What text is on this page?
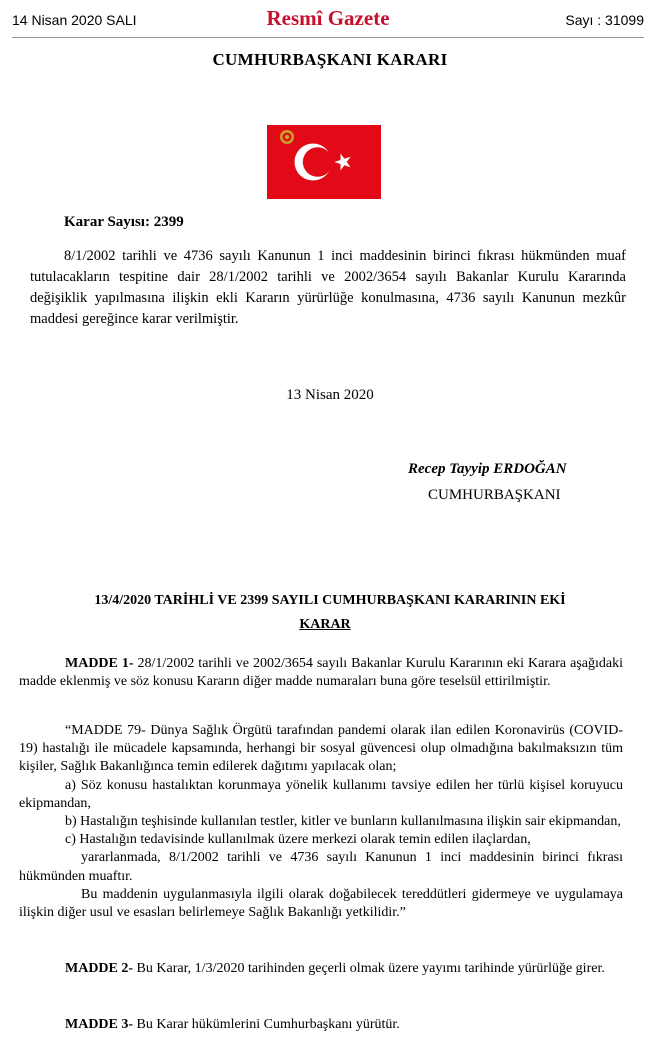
14 Nisan 2020 SALI	Resmî Gazete	Sayı : 31099
CUMHURBAŞKANI KARARI
Karar Sayısı: 2399

8/1/2002 tarihli ve 4736 sayılı Kanunun 1 inci maddesinin birinci fıkrası hükmünden muaf tutulacakların tespitine dair 28/1/2002 tarihli ve 2002/3654 sayılı Bakanlar Kurulu Kararında değişiklik yapılmasına ilişkin ekli Kararın yürürlüğe konulmasına, 4736 sayılı Kanunun mezkûr maddesi gereğince karar verilmiştir.

13 Nisan 2020
Recep Tayyip ERDOĞAN
CUMHURBAŞKANI
13/4/2020 TARİHLİ VE 2399 SAYILI CUMHURBAŞKANI KARARININ EKİ
KARAR

MADDE 1- 28/1/2002 tarihli ve 2002/3654 sayılı Bakanlar Kurulu Kararının eki Karara aşağıdaki madde eklenmiş ve söz konusu Kararın diğer madde numaraları buna göre teselsül ettirilmiştir.

“MADDE 79- Dünya Sağlık Örgütü tarafından pandemi olarak ilan edilen Koronavirüs (COVID-19) hastalığı ile mücadele kapsamında, herhangi bir sosyal güvencesi olup olmadığına bakılmaksızın tüm kişiler, Sağlık Bakanlığınca temin edilerek dağıtımı yapılacak olan;
a) Söz konusu hastalıktan korunmaya yönelik kullanımı tavsiye edilen her türlü kişisel koruyucu ekipmandan,
b) Hastalığın teşhisinde kullanılan testler, kitler ve bunların kullanılmasına ilişkin sair ekipmandan,
c) Hastalığın tedavisinde kullanılmak üzere merkezi olarak temin edilen ilaçlardan,
yararlanmada, 8/1/2002 tarihli ve 4736 sayılı Kanunun 1 inci maddesinin birinci fıkrası hükmünden muaftır.
Bu maddenin uygulanmasıyla ilgili olarak doğabilecek tereddütleri gidermeye ve uygulamaya ilişkin diğer usul ve esasları belirlemeye Sağlık Bakanlığı yetkilidir.”

MADDE 2- Bu Karar, 1/3/2020 tarihinden geçerli olmak üzere yayımı tarihinde yürürlüğe girer.

MADDE 3- Bu Karar hükümlerini Cumhurbaşkanı yürütür.
